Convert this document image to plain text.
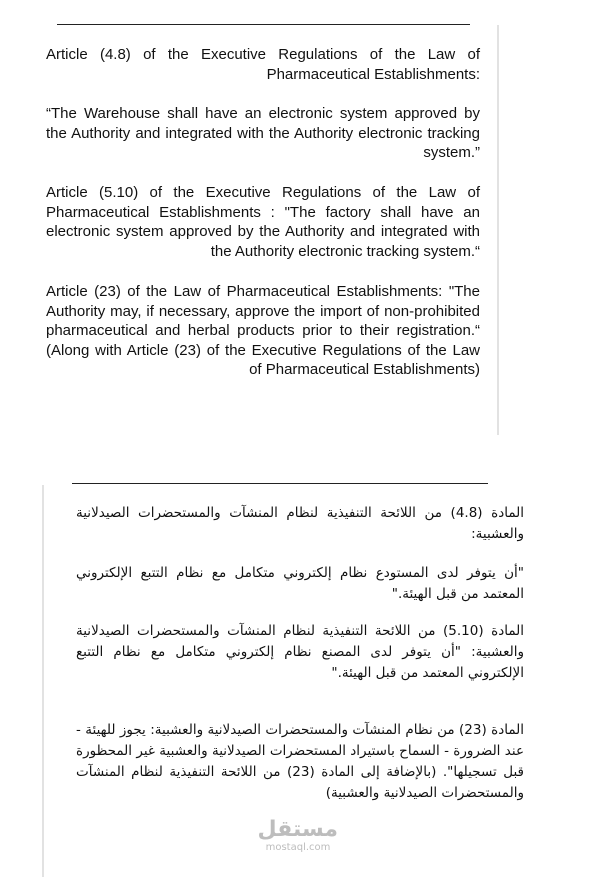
Article (4.8) of the Executive Regulations of the Law of Pharmaceutical Establishments:
“The Warehouse shall have an electronic system approved by the Authority and integrated with the Authority electronic tracking system.”
Article (5.10) of the Executive Regulations of the Law of Pharmaceutical Establishments : "The factory shall have an electronic system approved by the Authority and integrated with the Authority electronic tracking system.“
Article (23) of the Law of Pharmaceutical Establishments: "The Authority may, if necessary, approve the import of non-prohibited pharmaceutical and herbal products prior to their registration.“ (Along with Article (23) of the Executive Regulations of the Law of Pharmaceutical Establishments)
المادة (4.8) من اللائحة التنفيذية لنظام المنشآت والمستحضرات الصيدلانية والعشبية:
"أن يتوفر لدى المستودع نظام إلكتروني متكامل مع نظام التتبع الإلكتروني المعتمد من قبل الهيئة."
المادة (5.10) من اللائحة التنفيذية لنظام المنشآت والمستحضرات الصيدلانية والعشبية: "أن يتوفر لدى المصنع نظام إلكتروني متكامل مع نظام التتبع الإلكتروني المعتمد من قبل الهيئة."
المادة (23) من نظام المنشآت والمستحضرات الصيدلانية والعشبية: يجوز للهيئة - عند الضرورة - السماح باستيراد المستحضرات الصيدلانية والعشبية غير المحظورة قبل تسجيلها". (بالإضافة إلى المادة (23) من اللائحة التنفيذية لنظام المنشآت والمستحضرات الصيدلانية والعشبية)
مستقل
mostaql.com
